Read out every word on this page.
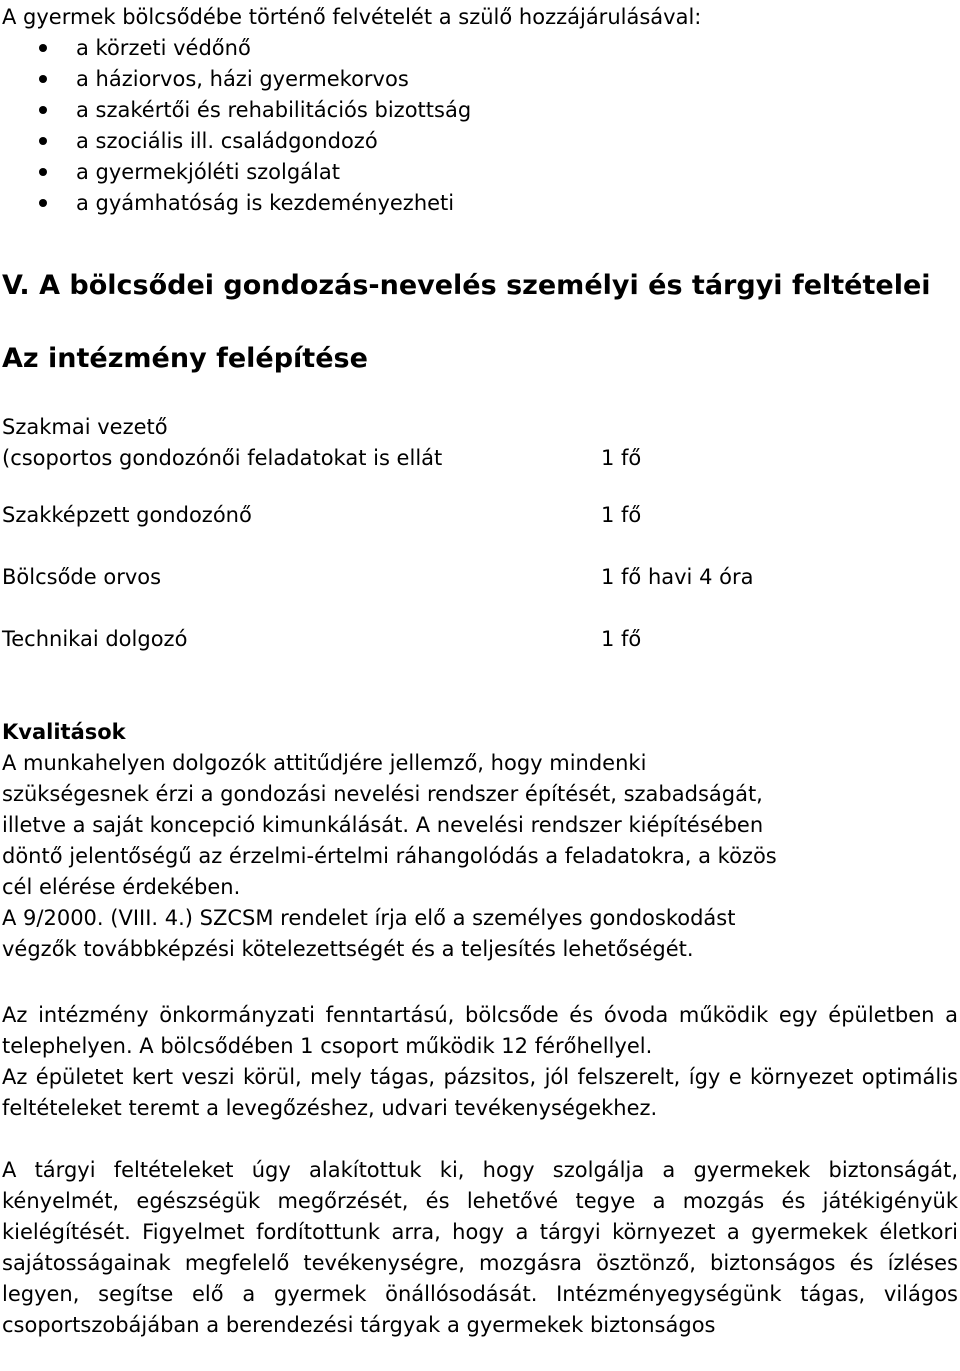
A gyermek bölcsődébe történő felvételét a szülő hozzájárulásával:

a körzeti védőnő
a háziorvos, házi gyermekorvos
a szakértői és rehabilitációs bizottság
a szociális ill. családgondozó
a gyermekjóléti szolgálat
a gyámhatóság is kezdeményezheti
V. A bölcsődei gondozás-nevelés személyi és tárgyi feltételei
Az intézmény felépítése
Szakmai vezető
(csoportos gondozónői feladatokat is ellát	1 fő
Szakképzett gondozónő	1 fő
Bölcsőde orvos	1 fő havi 4 óra
Technikai dolgozó	1 fő
Kvalitások
A munkahelyen dolgozók attitűdjére jellemző, hogy mindenki
szükségesnek érzi a gondozási nevelési rendszer építését, szabadságát,
illetve a saját koncepció kimunkálását. A nevelési rendszer kiépítésében
döntő jelentőségű az érzelmi-értelmi ráhangolódás a feladatokra, a közös
cél elérése érdekében.
A 9/2000. (VIII. 4.) SZCSM rendelet írja elő a személyes gondoskodást
végzők továbbképzési kötelezettségét és a teljesítés lehetőségét.
Az intézmény önkormányzati fenntartású, bölcsőde és óvoda működik egy épületben a telephelyen. A bölcsődében 1 csoport működik 12 férőhellyel.
Az épületet kert veszi körül, mely tágas, pázsitos, jól felszerelt, így e környezet optimális feltételeket teremt a levegőzéshez, udvari tevékenységekhez.
A tárgyi feltételeket úgy alakítottuk ki, hogy szolgálja a gyermekek biztonságát, kényelmét, egészségük megőrzését, és lehetővé tegye a mozgás és játékigényük kielégítését. Figyelmet fordítottunk arra, hogy a tárgyi környezet a gyermekek életkori sajátosságainak megfelelő tevékenységre, mozgásra ösztönző, biztonságos és ízléses legyen, segítse elő a gyermek önállósodását. Intézményegységünk tágas, világos csoportszobájában a berendezési tárgyak a gyermekek biztonságos
